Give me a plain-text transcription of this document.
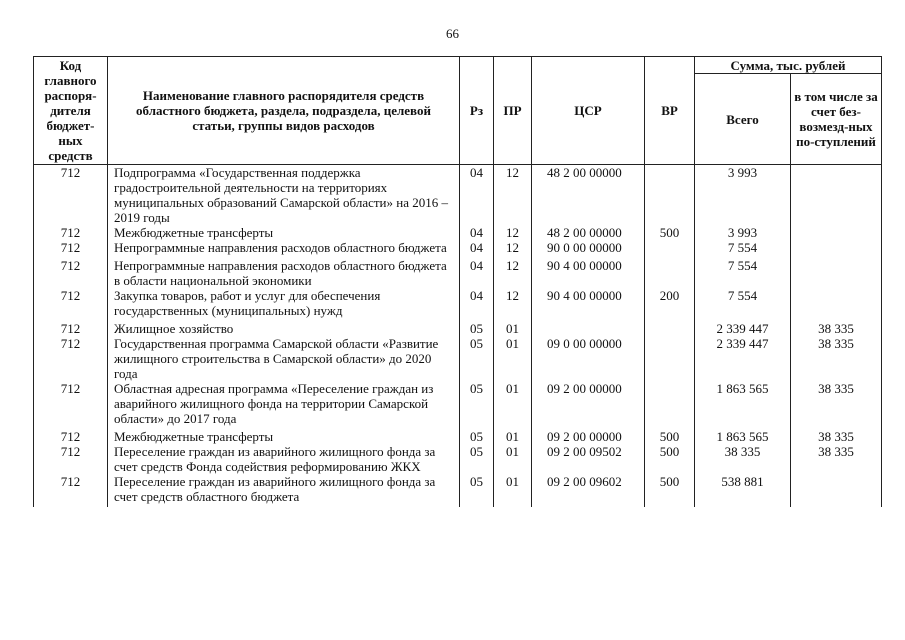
66
Код главного распоря-дителя бюджет-ных средств	Наименование главного распорядителя средств областного бюджета, раздела, подраздела, целевой статьи, группы видов расходов	Рз	ПР	ЦСР	ВР	Сумма, тыс. рублей	
						Всего	в том числе за счет без-возмезд-ных по-ступлений
712	Подпрограмма «Государственная поддержка градостроительной деятельности на территориях муниципальных образований Самарской области» на 2016 – 2019 годы	04	12	48 2 00 00000		3 993	
712	Межбюджетные трансферты	04	12	48 2 00 00000	500	3 993	
712	Непрограммные направления расходов областного бюджета	04	12	90 0 00 00000		7 554	
712	Непрограммные направления расходов областного бюджета в области национальной экономики	04	12	90 4 00 00000		7 554	
712	Закупка товаров, работ и услуг для обеспечения государственных (муниципальных) нужд	04	12	90 4 00 00000	200	7 554	
712	Жилищное хозяйство	05	01			2 339 447	38 335
712	Государственная программа Самарской области «Развитие жилищного строительства в Самарской области» до 2020 года	05	01	09 0 00 00000		2 339 447	38 335
712	Областная адресная программа «Переселение граждан из аварийного жилищного фонда на территории Самарской области» до 2017 года	05	01	09 2 00 00000		1 863 565	38 335
712	Межбюджетные трансферты	05	01	09 2 00 00000	500	1 863 565	38 335
712	Переселение граждан из аварийного жилищного фонда за счет средств Фонда содействия реформированию ЖКХ	05	01	09 2 00 09502	500	38 335	38 335
712	Переселение граждан из аварийного жилищного фонда за счет средств областного бюджета	05	01	09 2 00 09602	500	538 881	
